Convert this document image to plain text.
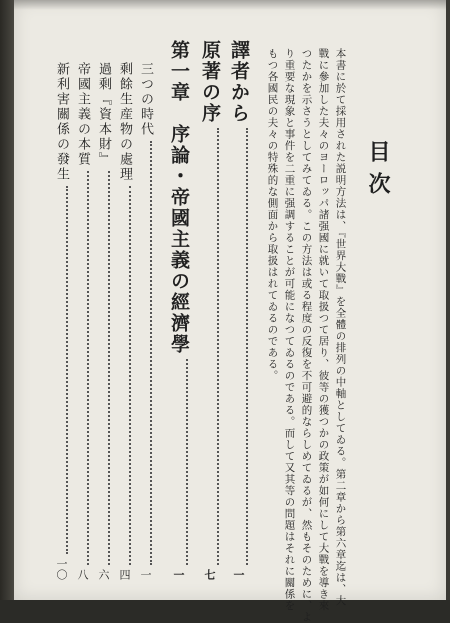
目次
本書に於て採用された説明方法は、『世界大戰』を全體の排列の中軸としてゐる。第二章から第六章迄は、大
戰に參加した夫々のヨーロッパ諸强國に就いて取扱つて居り、彼等の獲つかの政策が如何にして大戰を導き來
つたかを示さうとしてみてゐる。この方法は或る程度の反復を不可避的ならしめてゐるが、然もそのために、よ
り重要な現象と事件を二重に强調することが可能になつてゐるのである。而して又其等の問題はそれに關係を
もつ各國民の夫々の特殊的な側面から取扱はれてゐるのである。
譯者から
一
原著の序
七
第一章　序論・帝國主義の經濟學
一
三つの時代
一
剩餘生産物の處理
四
過剩『資本財』
六
帝國主義の本質
八
新利害關係の發生
一〇
